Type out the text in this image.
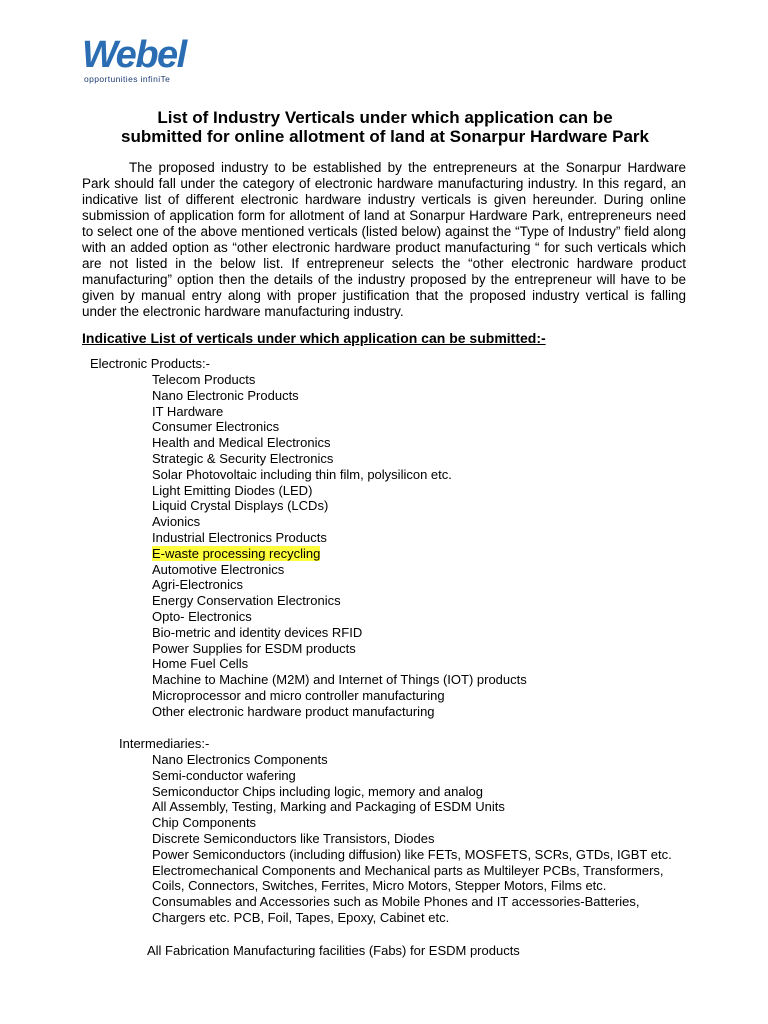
Webel
opportunities infiniTe
List of Industry Verticals under which application can be
submitted for online allotment of land at Sonarpur Hardware Park

The proposed industry to be established by the entrepreneurs at the Sonarpur Hardware Park should fall under the category of electronic hardware manufacturing industry. In this regard, an indicative list of different electronic hardware industry verticals is given hereunder. During online submission of application form for allotment of land at Sonarpur Hardware Park, entrepreneurs need to select one of the above mentioned verticals (listed below) against the “Type of Industry” field along with an added option as “other electronic hardware product manufacturing “ for such verticals which are not listed in the below list. If entrepreneur selects the “other electronic hardware product manufacturing” option then the details of the industry proposed by the entrepreneur will have to be given by manual entry along with proper justification that the proposed industry vertical is falling under the electronic hardware manufacturing industry.

Indicative List of verticals under which application can be submitted:-
Electronic Products:-
Telecom Products
Nano Electronic Products
IT Hardware
Consumer Electronics
Health and Medical Electronics
Strategic & Security Electronics
Solar Photovoltaic including thin film, polysilicon etc.
Light Emitting Diodes (LED)
Liquid Crystal Displays (LCDs)
Avionics
Industrial Electronics Products
E-waste processing recycling
Automotive Electronics
Agri-Electronics
Energy Conservation Electronics
Opto- Electronics
Bio-metric and identity devices RFID
Power Supplies for ESDM products
Home Fuel Cells
Machine to Machine (M2M) and Internet of Things (IOT) products
Microprocessor and micro controller manufacturing
Other electronic hardware product manufacturing
Intermediaries:-
Nano Electronics Components
Semi-conductor wafering
Semiconductor Chips including logic, memory and analog
All Assembly, Testing, Marking and Packaging of ESDM Units
Chip Components
Discrete Semiconductors like Transistors, Diodes
Power Semiconductors (including diffusion) like FETs, MOSFETS, SCRs, GTDs, IGBT etc.
Electromechanical Components and Mechanical parts as Multileyer PCBs, Transformers, Coils, Connectors, Switches, Ferrites, Micro Motors, Stepper Motors, Films etc.
Consumables and Accessories such as Mobile Phones and IT accessories-Batteries, Chargers etc. PCB, Foil, Tapes, Epoxy, Cabinet etc.
All Fabrication Manufacturing facilities (Fabs) for ESDM products
